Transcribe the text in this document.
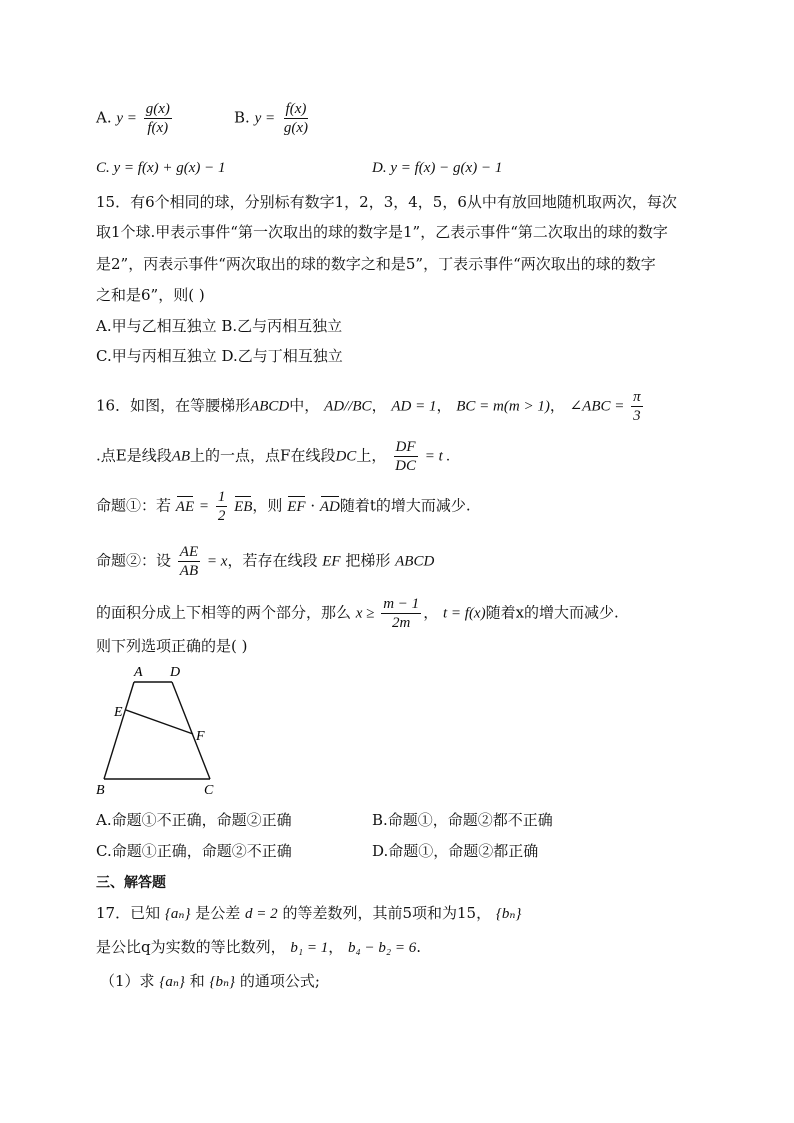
A. $y = \frac{g(x)}{f(x)}$	B. $y = \frac{f(x)}{g(x)}$
C. y = f(x) + g(x) − 1	D. y = f(x) − g(x) − 1
15．有6个相同的球，分别标有数字1，2，3，4，5，6从中有放回地随机取两次，每次
取1个球.甲表示事件“第一次取出的球的数字是1”，乙表示事件“第二次取出的球的数字
是2”，丙表示事件“两次取出的球的数字之和是5”，丁表示事件“两次取出的球的数字
之和是6”，则( )
A.甲与乙相互独立 B.乙与丙相互独立
C.甲与丙相互独立 D.乙与丁相互独立
16．如图，在等腰梯形ABCD中， AD//BC， AD = 1， BC = m(m > 1)， ∠ABC = $\frac{\pi}{3}$
.点E是线段AB上的一点，点F在线段DC上， $\frac{DF}{DC} = t$ .
命题①：若 AE = $\frac{1}{2}$ EB，则 EF · AD随着t的增大而减少.
命题②：设 $\frac{AE}{AB} = x$，若存在线段 EF 把梯形 ABCD
的面积分成上下相等的两个部分，那么 $x \ge \frac{m - 1}{2m}$ ， t = f(x)随着x的增大而减少.
则下列选项正确的是( )
A D
E
F
B	C
A.命题①不正确，命题②正确	B.命题①，命题②都不正确
C.命题①正确，命题②不正确	D.命题①，命题②都正确
三、解答题
17．已知 {aₙ} 是公差 d = 2 的等差数列，其前5项和为15， {bₙ}
是公比q为实数的等比数列， b₁ = 1， b₄ − b₂ = 6.
（1）求 {aₙ} 和 {bₙ} 的通项公式;
